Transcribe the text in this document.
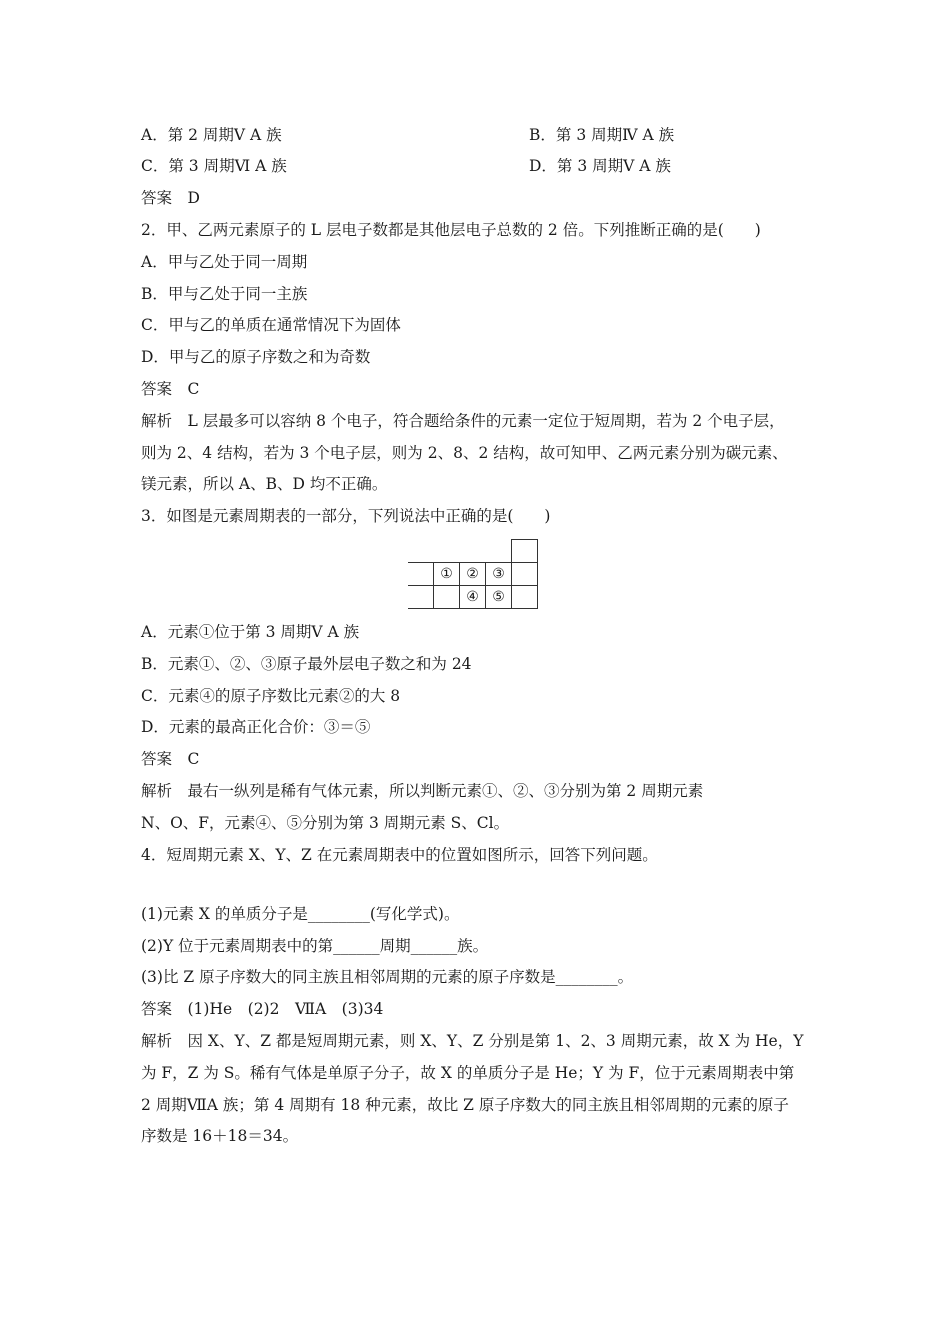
A．第 2 周期Ⅴ A 族	B．第 3 周期Ⅳ A 族
C．第 3 周期Ⅵ A 族	D．第 3 周期Ⅴ A 族
答案　D
2．甲、乙两元素原子的 L 层电子数都是其他层电子总数的 2 倍。下列推断正确的是(　　)
A．甲与乙处于同一周期
B．甲与乙处于同一主族
C．甲与乙的单质在通常情况下为固体
D．甲与乙的原子序数之和为奇数
答案　C
解析　L 层最多可以容纳 8 个电子，符合题给条件的元素一定位于短周期，若为 2 个电子层，
则为 2、4 结构，若为 3 个电子层，则为 2、8、2 结构，故可知甲、乙两元素分别为碳元素、
镁元素，所以 A、B、D 均不正确。
3．如图是元素周期表的一部分，下列说法中正确的是(　　)

	①	②	③	
		④	⑤	
A．元素①位于第 3 周期Ⅴ A 族
B．元素①、②、③原子最外层电子数之和为 24
C．元素④的原子序数比元素②的大 8
D．元素的最高正化合价：③＝⑤
答案　C
解析　最右一纵列是稀有气体元素，所以判断元素①、②、③分别为第 2 周期元素
N、O、F，元素④、⑤分别为第 3 周期元素 S、Cl。
4．短周期元素 X、Y、Z 在元素周期表中的位置如图所示，回答下列问题。
(1)元素 X 的单质分子是________(写化学式)。
(2)Y 位于元素周期表中的第______周期______族。
(3)比 Z 原子序数大的同主族且相邻周期的元素的原子序数是________。
答案　(1)He　(2)2　ⅦA　(3)34
解析　因 X、Y、Z 都是短周期元素，则 X、Y、Z 分别是第 1、2、3 周期元素，故 X 为 He，Y
为 F，Z 为 S。稀有气体是单原子分子，故 X 的单质分子是 He；Y 为 F，位于元素周期表中第
2 周期ⅦA 族；第 4 周期有 18 种元素，故比 Z 原子序数大的同主族且相邻周期的元素的原子
序数是 16＋18＝34。
